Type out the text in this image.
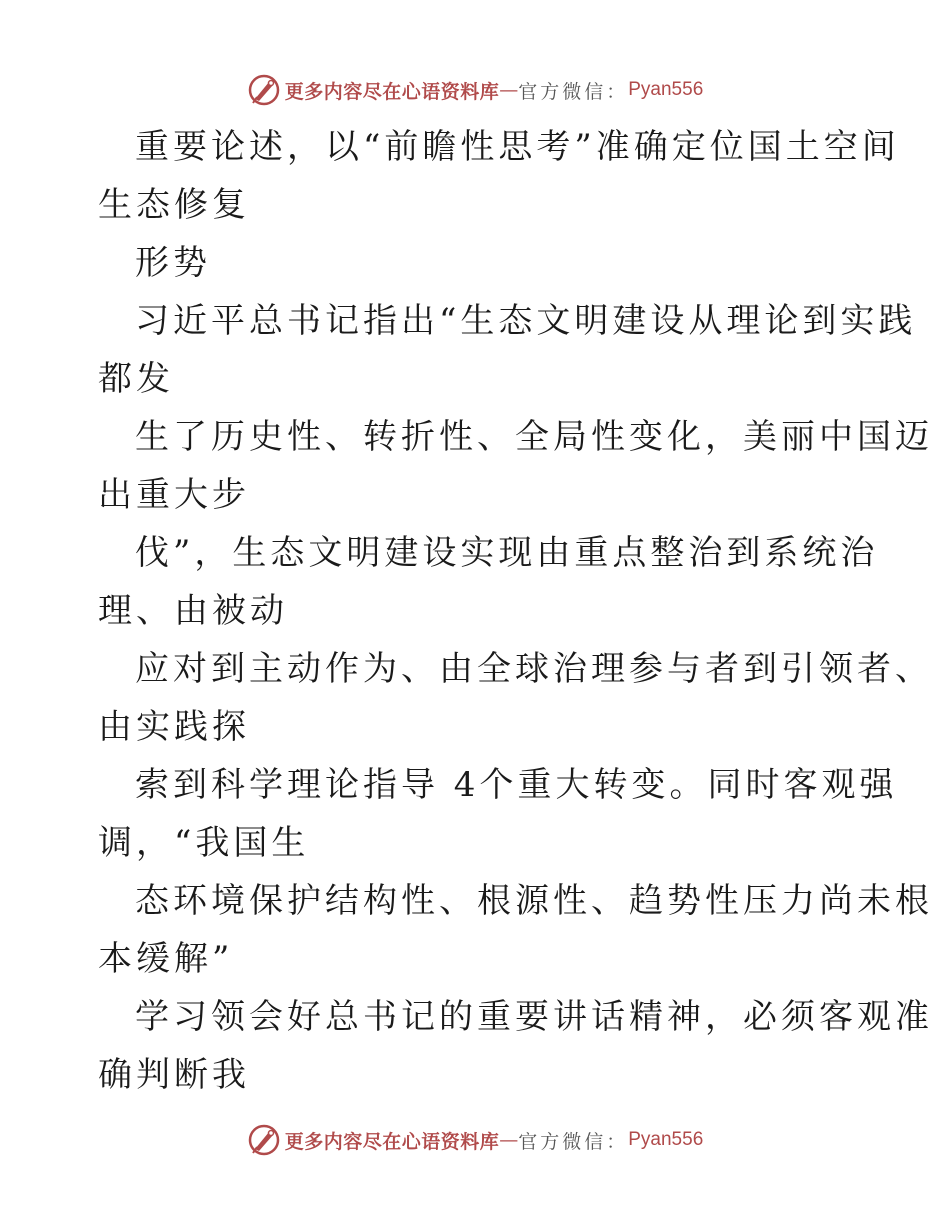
更多内容尽在心语资料库 — 官方微信： Pyan556
重要论述，以“前瞻性思考”准确定位国土空间
生态修复
形势
习近平总书记指出“生态文明建设从理论到实践
都发
生了历史性、转折性、全局性变化，美丽中国迈
出重大步
伐”，生态文明建设实现由重点整治到系统治
理、由被动
应对到主动作为、由全球治理参与者到引领者、
由实践探
索到科学理论指导 4个重大转变。同时客观强
调，“我国生
态环境保护结构性、根源性、趋势性压力尚未根
本缓解”
学习领会好总书记的重要讲话精神，必须客观准
确判断我
更多内容尽在心语资料库 — 官方微信： Pyan556
